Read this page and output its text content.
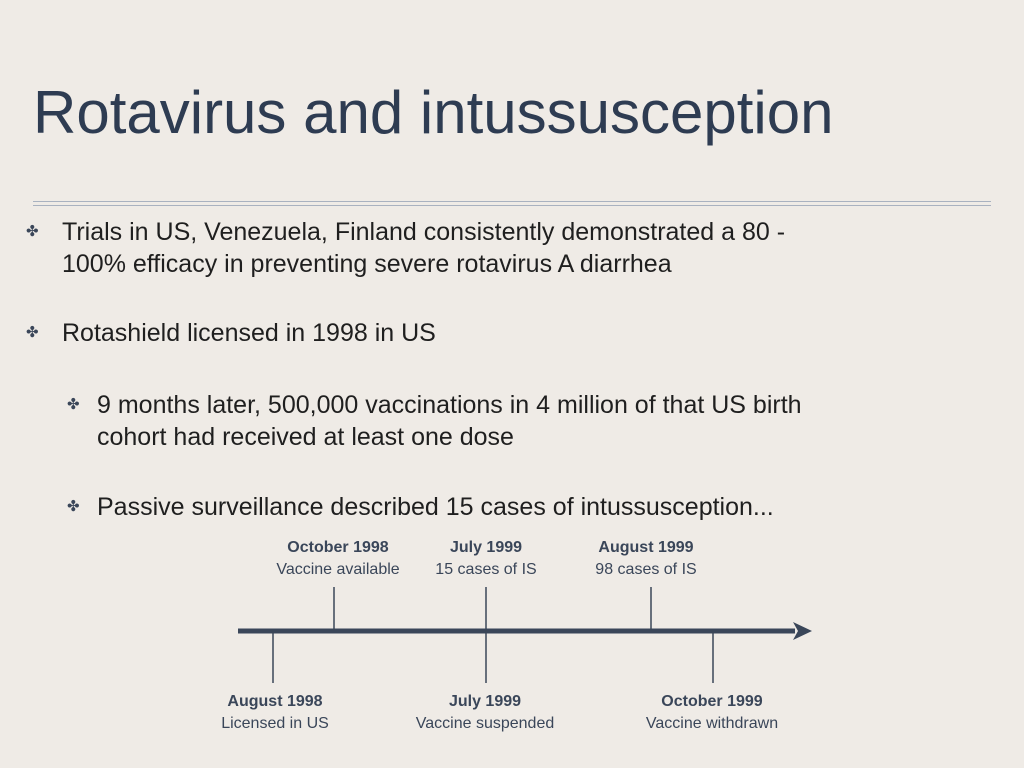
Rotavirus and intussusception
✤ Trials in US, Venezuela, Finland consistently demonstrated a 80 -
100% efficacy in preventing severe rotavirus A diarrhea
✤ Rotashield licensed in 1998 in US
✤ 9 months later, 500,000 vaccinations in 4 million of that US birth
cohort had received at least one dose
✤ Passive surveillance described 15 cases of intussusception...
October 1998
Vaccine available
July 1999
15 cases of IS
August 1999
98 cases of IS
August 1998
Licensed in US
July 1999
Vaccine suspended
October 1999
Vaccine withdrawn
